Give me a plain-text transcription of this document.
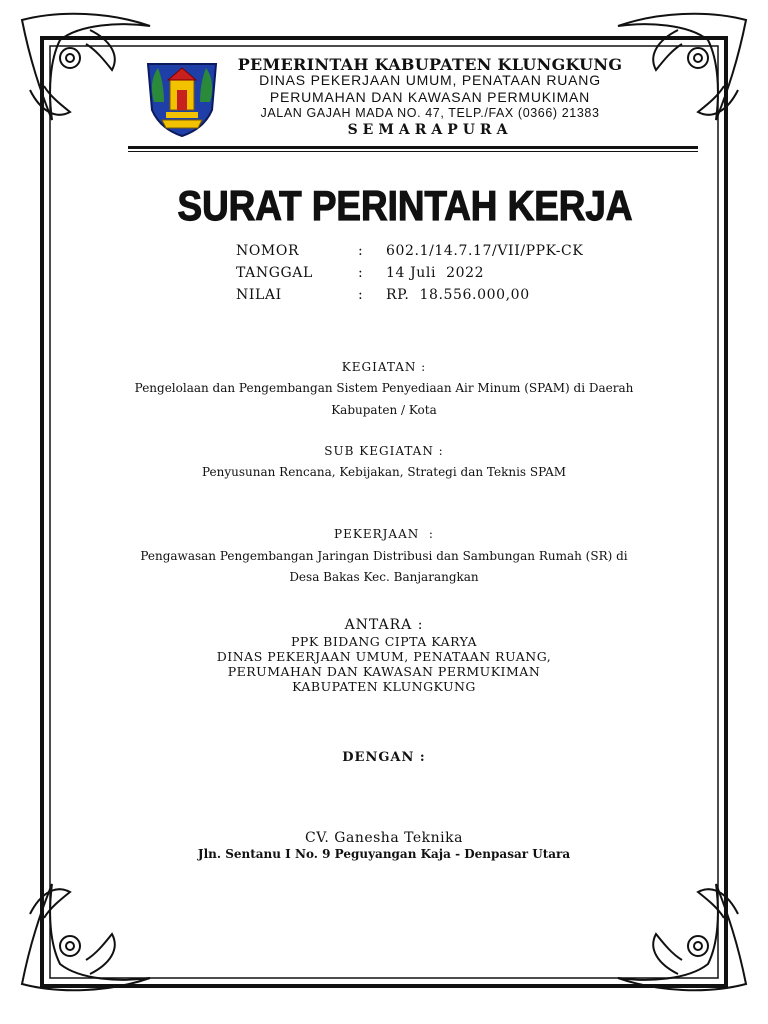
PEMERINTAH KABUPATEN KLUNGKUNG
DINAS PEKERJAAN UMUM, PENATAAN RUANG
PERUMAHAN DAN KAWASAN PERMUKIMAN
JALAN GAJAH MADA NO. 47, TELP./FAX (0366) 21383
SEMARAPURA
SURAT PERINTAH KERJA
NOMOR	: 602.1/14.7.17/VII/PPK-CK
TANGGAL	: 14 Juli  2022
NILAI	: RP.  18.556.000,00
KEGIATAN :
Pengelolaan dan Pengembangan Sistem Penyediaan Air Minum (SPAM) di Daerah
Kabupaten / Kota
SUB KEGIATAN :
Penyusunan Rencana, Kebijakan, Strategi dan Teknis SPAM
PEKERJAAN  :
Pengawasan Pengembangan Jaringan Distribusi dan Sambungan Rumah (SR) di
Desa Bakas Kec. Banjarangkan
ANTARA :
PPK BIDANG CIPTA KARYA
DINAS PEKERJAAN UMUM, PENATAAN RUANG,
PERUMAHAN DAN KAWASAN PERMUKIMAN
KABUPATEN KLUNGKUNG
DENGAN :
CV. Ganesha Teknika
Jln. Sentanu I No. 9 Peguyangan Kaja - Denpasar Utara
